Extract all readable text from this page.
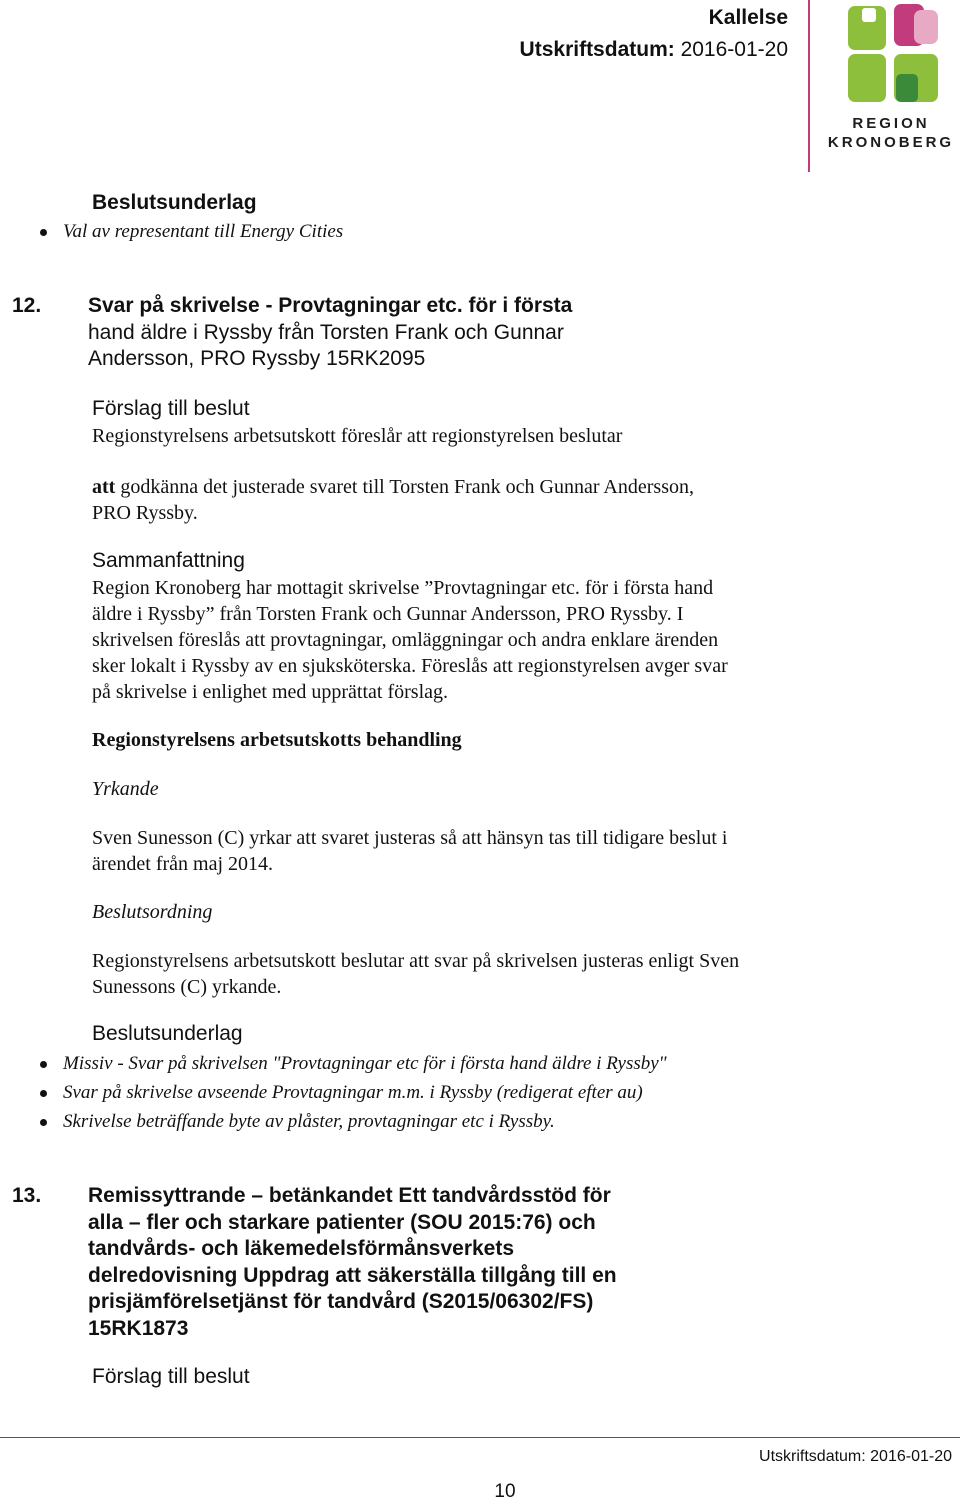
Kallelse
Utskriftsdatum: 2016-01-20
REGION
KRONOBERG
Beslutsunderlag
Val av representant till Energy Cities
12. Svar på skrivelse - Provtagningar etc. för i första
hand äldre i Ryssby från Torsten Frank och Gunnar
Andersson, PRO Ryssby 15RK2095
Förslag till beslut
Regionstyrelsens arbetsutskott föreslår att regionstyrelsen beslutar
att godkänna det justerade svaret till Torsten Frank och Gunnar Andersson,
PRO Ryssby.
Sammanfattning
Region Kronoberg har mottagit skrivelse ”Provtagningar etc. för i första hand
äldre i Ryssby” från Torsten Frank och Gunnar Andersson, PRO Ryssby. I
skrivelsen föreslås att provtagningar, omläggningar och andra enklare ärenden
sker lokalt i Ryssby av en sjuksköterska. Föreslås att regionstyrelsen avger svar
på skrivelse i enlighet med upprättat förslag.
Regionstyrelsens arbetsutskotts behandling
Yrkande
Sven Sunesson (C) yrkar att svaret justeras så att hänsyn tas till tidigare beslut i
ärendet från maj 2014.
Beslutsordning
Regionstyrelsens arbetsutskott beslutar att svar på skrivelsen justeras enligt Sven
Sunessons (C) yrkande.
Beslutsunderlag
Missiv - Svar på skrivelsen "Provtagningar etc för i första hand äldre i Ryssby"
Svar på skrivelse avseende Provtagningar m.m. i Ryssby (redigerat efter au)
Skrivelse beträffande byte av plåster, provtagningar etc i Ryssby.
13. Remissyttrande – betänkandet Ett tandvårdsstöd för
alla – fler och starkare patienter (SOU 2015:76) och
tandvårds- och läkemedelsförmånsverkets
delredovisning Uppdrag att säkerställa tillgång till en
prisjämförelsetjänst för tandvård (S2015/06302/FS)
15RK1873
Förslag till beslut
Utskriftsdatum: 2016-01-20
10
